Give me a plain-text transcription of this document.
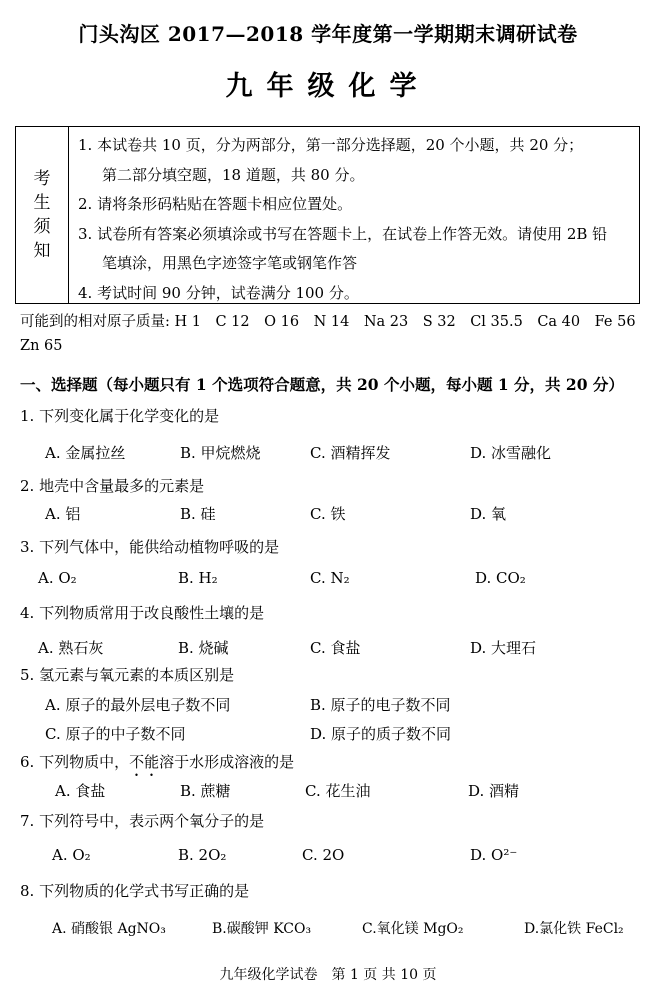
门头沟区 2017—2018 学年度第一学期期末调研试卷
九年级化学
考
生
须
知
1. 本试卷共 10 页，分为两部分，第一部分选择题，20 个小题，共 20 分；
第二部分填空题，18 道题，共 80 分。
2. 请将条形码粘贴在答题卡相应位置处。
3. 试卷所有答案必须填涂或书写在答题卡上，在试卷上作答无效。请使用 2B 铅
笔填涂，用黑色字迹签字笔或钢笔作答
4. 考试时间 90 分钟，试卷满分 100 分。
可能到的相对原子质量: H 1　C 12　O 16　N 14　Na 23　S 32　Cl 35.5　Ca 40　Fe 56
Zn 65
一、选择题（每小题只有 1 个选项符合题意，共 20 个小题，每小题 1 分，共 20 分）
1. 下列变化属于化学变化的是
A. 金属拉丝	B. 甲烷燃烧	C. 酒精挥发	D. 冰雪融化
2. 地壳中含量最多的元素是
A. 铝	B. 硅	C. 铁	D. 氧
3. 下列气体中，能供给动植物呼吸的是
A. O₂	B. H₂	C. N₂	D. CO₂
4. 下列物质常用于改良酸性土壤的是
A. 熟石灰	B. 烧碱	C. 食盐	D. 大理石
5. 氢元素与氧元素的本质区别是
A. 原子的最外层电子数不同	B. 原子的电子数不同
C. 原子的中子数不同	D. 原子的质子数不同
6. 下列物质中，不能溶于水形成溶液的是
A. 食盐	B. 蔗糖	C. 花生油	D. 酒精
7. 下列符号中，表示两个氧分子的是
A. O₂	B. 2O₂	C. 2O	D. O²⁻
8. 下列物质的化学式书写正确的是
A. 硝酸银 AgNO₃	B.碳酸钾 KCO₃	C.氧化镁 MgO₂	D.氯化铁 FeCl₂
九年级化学试卷　第 1 页 共 10 页
